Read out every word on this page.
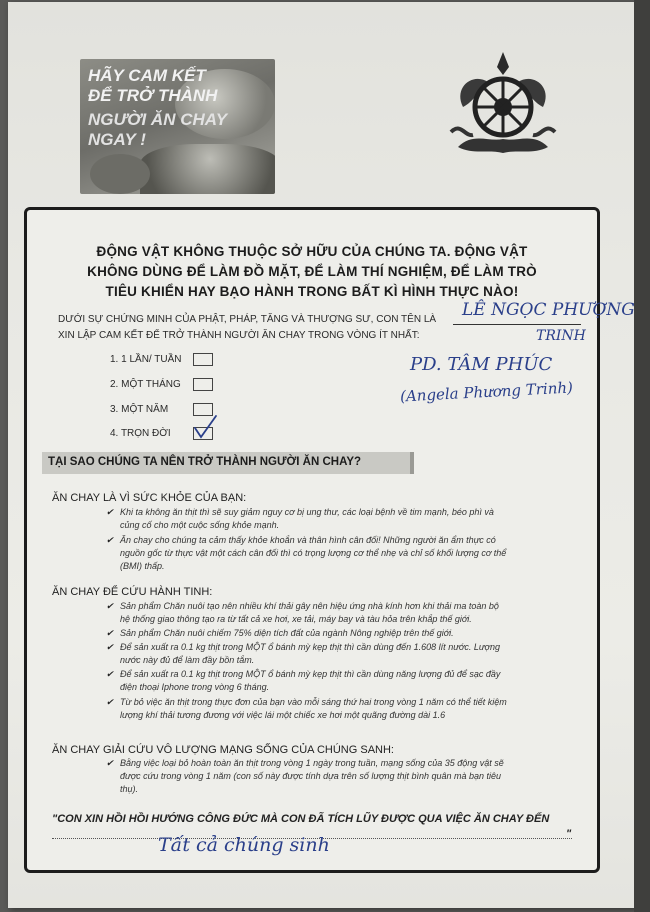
HÃY CAM KẾT
ĐỂ TRỞ THÀNH
NGƯỜI ĂN CHAY
NGAY !
ĐỘNG VẬT KHÔNG THUỘC SỞ HỮU CỦA CHÚNG TA. ĐỘNG VẬT
KHÔNG DÙNG ĐỂ LÀM ĐỒ MẶT, ĐỂ LÀM THÍ NGHIỆM, ĐỂ LÀM TRÒ
TIÊU KHIỂN HAY BẠO HÀNH TRONG BẤT KÌ HÌNH THỰC NÀO!
DƯỚI SỰ CHỨNG MINH CỦA PHẬT, PHÁP, TĂNG VÀ THƯỢNG SƯ, CON TÊN LÀ
XIN LẬP CAM KẾT ĐỂ TRỞ THÀNH NGƯỜI ĂN CHAY TRONG VÒNG ÍT NHẤT:
LÊ NGỌC PHƯỢNG
TRINH
PD. TÂM PHÚC
(Angela Phương Trinh)
1. 1 LẦN/ TUẦN
2. MỘT THÁNG
3. MỘT NĂM
4. TRỌN ĐỜI
TẠI SAO CHÚNG TA NÊN TRỞ THÀNH NGƯỜI ĂN CHAY?
ĂN CHAY LÀ VÌ SỨC KHỎE CỦA BẠN:
✔ Khi ta không ăn thịt thì sẽ suy giảm nguy cơ bị ung thư, các loại bệnh về tim mạnh, béo phì và
củng cố cho một cuộc sống khỏe mạnh.
✔ Ăn chay cho chúng ta cảm thấy khỏe khoắn và thân hình cân đối! Những người ăn ẩm thực có
nguồn gốc từ thực vật một cách cân đối thì có trọng lượng cơ thể nhẹ và chỉ số khối lượng cơ thể
(BMI) thấp.
ĂN CHAY ĐỂ CỨU HÀNH TINH:
✔ Sản phẩm Chăn nuôi tạo nên nhiều khí thải gây nên hiệu ứng nhà kính hơn khi thải ma toàn bộ
hệ thống giao thông tạo ra từ tất cả xe hơi, xe tải, máy bay và tàu hỏa trên khắp thế giới.
✔ Sản phẩm Chăn nuôi chiếm 75% diện tích đất của ngành Nông nghiệp trên thế giới.
✔ Để sản xuất ra 0.1 kg thịt trong MỘT ổ bánh mỳ kẹp thịt thì cần dùng đến 1.608 lít nước. Lượng
nước này đủ để làm đầy bồn tắm.
✔ Để sản xuất ra 0.1 kg thịt trong MỘT ổ bánh mỳ kẹp thịt thì cần dùng năng lượng đủ để sạc đầy
điện thoại Iphone trong vòng 6 tháng.
✔ Từ bỏ việc ăn thịt trong thực đơn của bạn vào mỗi sáng thứ hai trong vòng 1 năm có thể tiết kiệm
lượng khí thải tương đương với việc lái một chiếc xe hơi một quãng đường dài 1.6
ĂN CHAY GIẢI CỨU VÔ LƯỢNG MẠNG SỐNG CỦA CHÚNG SANH:
✔ Bằng việc loại bỏ hoàn toàn ăn thịt trong vòng 1 ngày trong tuần, mạng sống của 35 động vật sẽ
được cứu trong vòng 1 năm (con số này được tính dựa trên số lượng thịt bình quân mà bạn tiêu
thụ).
"CON XIN HỒI HỒI HƯỚNG CÔNG ĐỨC MÀ CON ĐÃ TÍCH LŨY ĐƯỢC QUA VIỆC ĂN CHAY ĐẾN
"
Tất cả chúng sinh
